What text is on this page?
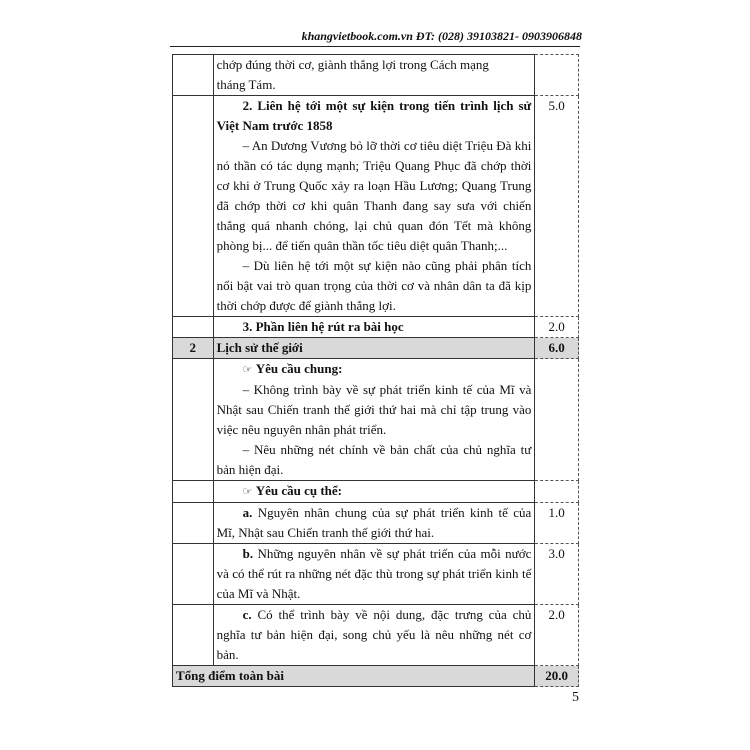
khangvietbook.com.vn ĐT: (028) 39103821- 0903906848

	chớp đúng thời cơ, giành thắng lợi trong Cách mạng

tháng Tám.	

	2. Liên hệ tới một sự kiện trong tiến trình lịch sử Việt Nam trước 1858

– An Dương Vương bỏ lỡ thời cơ tiêu diệt Triệu Đà khi nó thần có tác dụng mạnh; Triệu Quang Phục đã chớp thời cơ khi ở Trung Quốc xảy ra loạn Hầu Lương; Quang Trung đã chớp thời cơ khi quân Thanh đang say sưa với chiến thắng quá nhanh chóng, lại chủ quan đón Tết mà không phòng bị... để tiến quân thần tốc tiêu diệt quân Thanh;...

– Dù liên hệ tới một sự kiện nào cũng phải phân tích nổi bật vai trò quan trọng của thời cơ và nhân dân ta đã kịp thời chớp được để giành thắng lợi.	5.0

	3. Phần liên hệ rút ra bài học	2.0
2	Lịch sử thế giới	6.0

	☞ Yêu cầu chung:

– Không trình bày về sự phát triển kinh tế của Mĩ và Nhật sau Chiến tranh thế giới thứ hai mà chỉ tập trung vào việc nêu nguyên nhân phát triển.

– Nêu những nét chính về bản chất của chủ nghĩa tư bản hiện đại.	

	☞ Yêu cầu cụ thể:	

	a. Nguyên nhân chung của sự phát triển kinh tế của Mĩ, Nhật sau Chiến tranh thế giới thứ hai.	1.0

	b. Những nguyên nhân về sự phát triển của mỗi nước và có thể rút ra những nét đặc thù trong sự phát triển kinh tế của Mĩ và Nhật.	3.0

	c. Có thể trình bày về nội dung, đặc trưng của chủ nghĩa tư bản hiện đại, song chủ yếu là nêu những nét cơ bản.	2.0
Tổng điểm toàn bài		20.0
5
